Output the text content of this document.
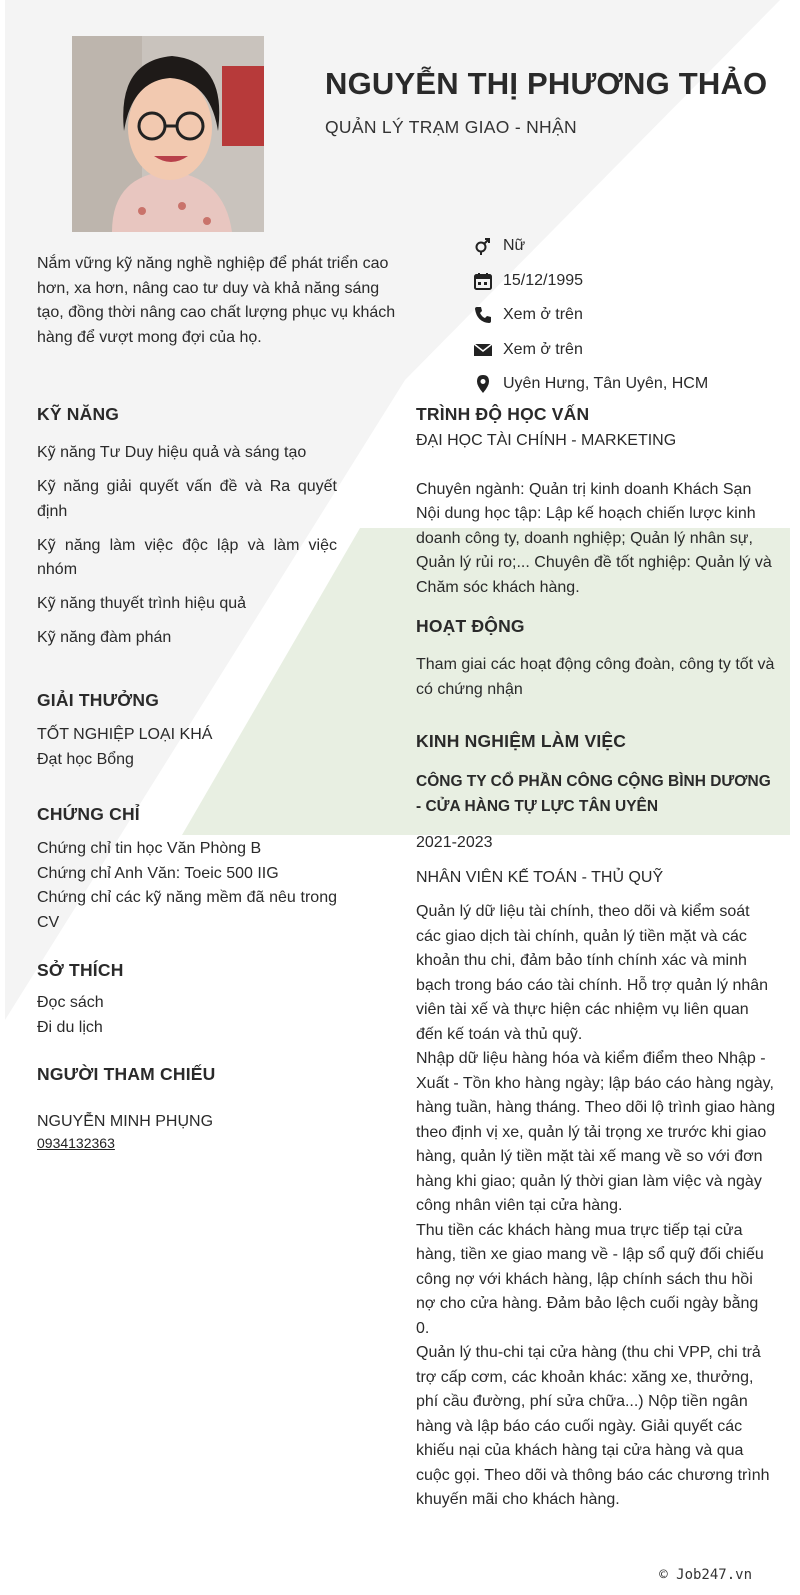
NGUYỄN THỊ PHƯƠNG THẢO
QUẢN LÝ TRẠM GIAO - NHẬN
Nắm vững kỹ năng nghề nghiệp để phát triển cao hơn, xa hơn, nâng cao tư duy và khả năng sáng tạo, đồng thời nâng cao chất lượng phục vụ khách hàng để vượt mong đợi của họ.
Nữ
15/12/1995
Xem ở trên
Xem ở trên
Uyên Hưng, Tân Uyên, HCM
KỸ NĂNG
Kỹ năng Tư Duy hiệu quả và sáng tạo
Kỹ năng giải quyết vấn đề và Ra quyết định
Kỹ năng làm việc độc lập và làm việc nhóm
Kỹ năng thuyết trình hiệu quả
Kỹ năng đàm phán
GIẢI THƯỞNG
TỐT NGHIỆP LOẠI KHÁ
Đạt học Bổng
CHỨNG CHỈ
Chứng chỉ tin học Văn Phòng B
Chứng chỉ Anh Văn: Toeic 500 IIG
Chứng chỉ các kỹ năng mềm đã nêu trong CV
SỞ THÍCH
Đọc sách
Đi du lịch
NGƯỜI THAM CHIẾU
NGUYỄN MINH PHỤNG
0934132363
TRÌNH ĐỘ HỌC VẤN
ĐẠI HỌC TÀI CHÍNH - MARKETING
Chuyên ngành: Quản trị kinh doanh Khách Sạn
Nội dung học tập: Lập kế hoạch chiến lược kinh doanh công ty, doanh nghiệp; Quản lý nhân sự, Quản lý rủi ro;... Chuyên đề tốt nghiệp: Quản lý và Chăm sóc khách hàng.
HOẠT ĐỘNG
Tham giai các hoạt động công đoàn, công ty tốt và có chứng nhận
KINH NGHIỆM LÀM VIỆC
CÔNG TY CỔ PHẦN CÔNG CỘNG BÌNH DƯƠNG - CỬA HÀNG TỰ LỰC TÂN UYÊN
2021-2023
NHÂN VIÊN KẾ TOÁN - THỦ QUỸ
Quản lý dữ liệu tài chính, theo dõi và kiểm soát các giao dịch tài chính, quản lý tiền mặt và các khoản thu chi, đảm bảo tính chính xác và minh bạch trong báo cáo tài chính. Hỗ trợ quản lý nhân viên tài xế và thực hiện các nhiệm vụ liên quan đến kế toán và thủ quỹ.
Nhập dữ liệu hàng hóa và kiểm điểm theo Nhập - Xuất - Tồn kho hàng ngày; lập báo cáo hàng ngày, hàng tuần, hàng tháng. Theo dõi lộ trình giao hàng theo định vị xe, quản lý tải trọng xe trước khi giao hàng, quản lý tiền mặt tài xế mang về so với đơn hàng khi giao; quản lý thời gian làm việc và ngày công nhân viên tại cửa hàng.
Thu tiền các khách hàng mua trực tiếp tại cửa hàng, tiền xe giao mang về - lập sổ quỹ đối chiếu công nợ với khách hàng, lập chính sách thu hồi nợ cho cửa hàng. Đảm bảo lệch cuối ngày bằng 0.
Quản lý thu-chi tại cửa hàng (thu chi VPP, chi trả trợ cấp cơm, các khoản khác: xăng xe, thưởng, phí cầu đường, phí sửa chữa...) Nộp tiền ngân hàng và lập báo cáo cuối ngày. Giải quyết các khiếu nại của khách hàng tại cửa hàng và qua cuộc gọi. Theo dõi và thông báo các chương trình khuyến mãi cho khách hàng.
© Job247.vn
